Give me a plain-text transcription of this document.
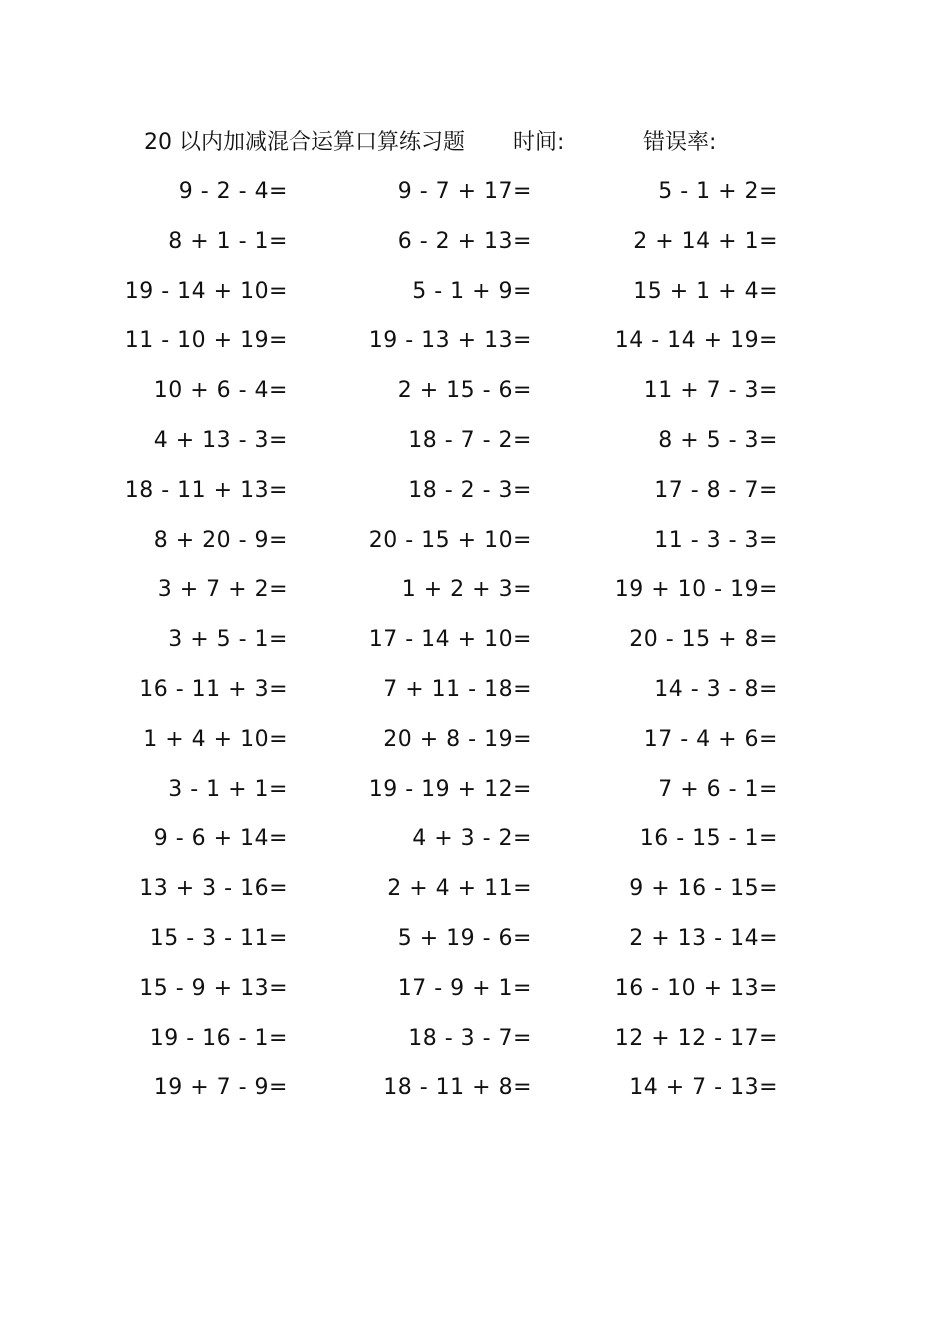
20 以内加减混合运算口算练习题 时间:	错误率:
9 - 2 - 4=	9 - 7 + 17=	5 - 1 + 2=
8 + 1 - 1=	6 - 2 + 13=	2 + 14 + 1=
19 - 14 + 10=	5 - 1 + 9=	15 + 1 + 4=
11 - 10 + 19=	19 - 13 + 13=	14 - 14 + 19=
10 + 6 - 4=	2 + 15 - 6=	11 + 7 - 3=
4 + 13 - 3=	18 - 7 - 2=	8 + 5 - 3=
18 - 11 + 13=	18 - 2 - 3=	17 - 8 - 7=
8 + 20 - 9=	20 - 15 + 10=	11 - 3 - 3=
3 + 7 + 2=	1 + 2 + 3=	19 + 10 - 19=
3 + 5 - 1=	17 - 14 + 10=	20 - 15 + 8=
16 - 11 + 3=	7 + 11 - 18=	14 - 3 - 8=
1 + 4 + 10=	20 + 8 - 19=	17 - 4 + 6=
3 - 1 + 1=	19 - 19 + 12=	7 + 6 - 1=
9 - 6 + 14=	4 + 3 - 2=	16 - 15 - 1=
13 + 3 - 16=	2 + 4 + 11=	9 + 16 - 15=
15 - 3 - 11=	5 + 19 - 6=	2 + 13 - 14=
15 - 9 + 13=	17 - 9 + 1=	16 - 10 + 13=
19 - 16 - 1=	18 - 3 - 7=	12 + 12 - 17=
19 + 7 - 9=	18 - 11 + 8=	14 + 7 - 13=
